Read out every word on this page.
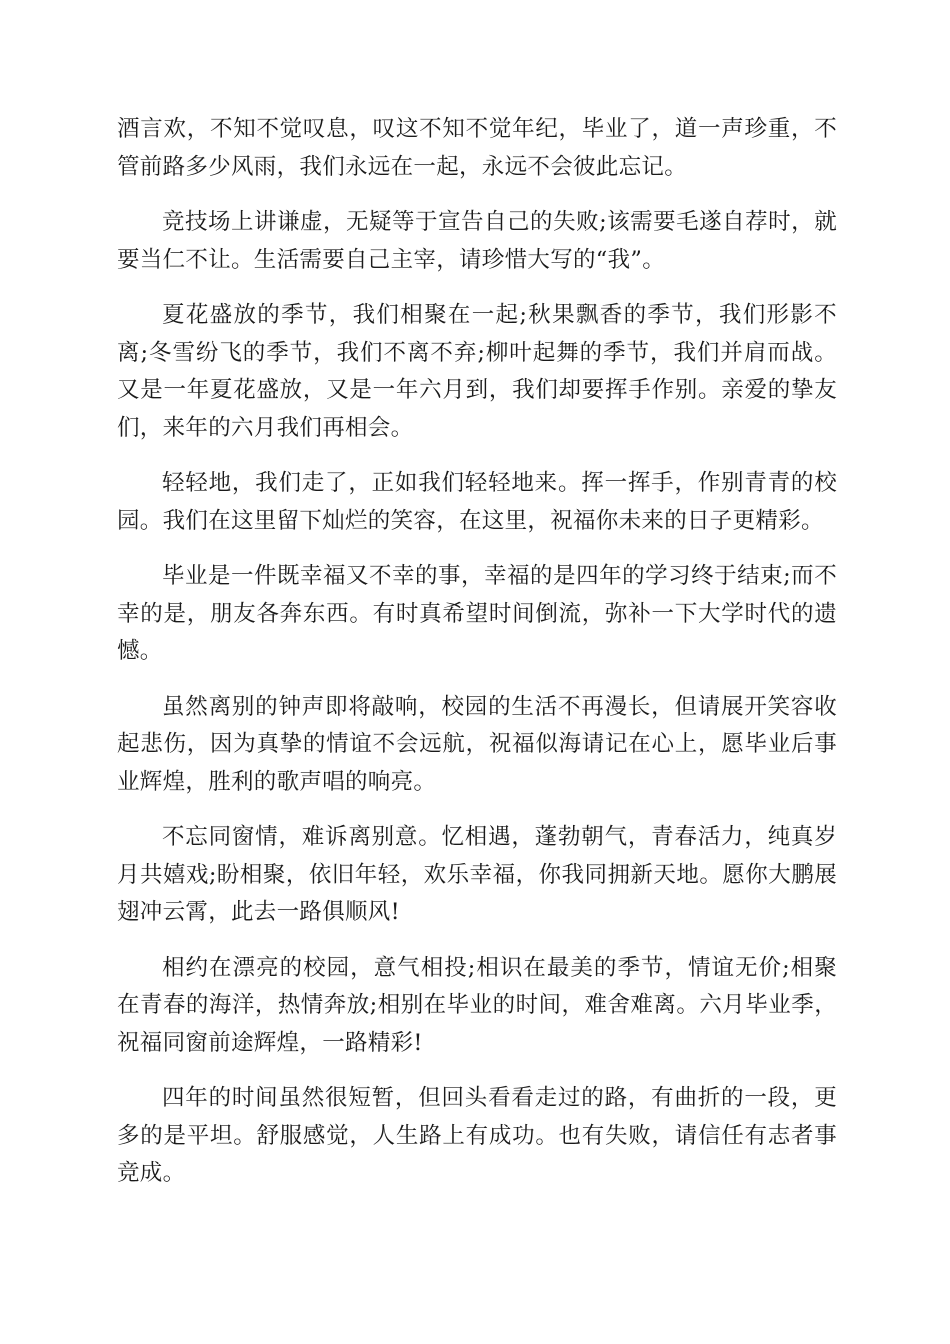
酒言欢，不知不觉叹息，叹这不知不觉年纪，毕业了，道一声珍重，不管前路多少风雨，我们永远在一起，永远不会彼此忘记。

竞技场上讲谦虚，无疑等于宣告自己的失败;该需要毛遂自荐时，就要当仁不让。生活需要自己主宰，请珍惜大写的“我”。

夏花盛放的季节，我们相聚在一起;秋果飘香的季节，我们形影不离;冬雪纷飞的季节，我们不离不弃;柳叶起舞的季节，我们并肩而战。又是一年夏花盛放，又是一年六月到，我们却要挥手作别。亲爱的挚友们，来年的六月我们再相会。

轻轻地，我们走了，正如我们轻轻地来。挥一挥手，作别青青的校园。我们在这里留下灿烂的笑容，在这里，祝福你未来的日子更精彩。

毕业是一件既幸福又不幸的事，幸福的是四年的学习终于结束;而不幸的是，朋友各奔东西。有时真希望时间倒流，弥补一下大学时代的遗憾。

虽然离别的钟声即将敲响，校园的生活不再漫长，但请展开笑容收起悲伤，因为真挚的情谊不会远航，祝福似海请记在心上，愿毕业后事业辉煌，胜利的歌声唱的响亮。

不忘同窗情，难诉离别意。忆相遇，蓬勃朝气，青春活力，纯真岁月共嬉戏;盼相聚，依旧年轻，欢乐幸福，你我同拥新天地。愿你大鹏展翅冲云霄，此去一路俱顺风!

相约在漂亮的校园，意气相投;相识在最美的季节，情谊无价;相聚在青春的海洋，热情奔放;相别在毕业的时间，难舍难离。六月毕业季，祝福同窗前途辉煌，一路精彩!

四年的时间虽然很短暂，但回头看看走过的路，有曲折的一段，更多的是平坦。舒服感觉，人生路上有成功。也有失败，请信任有志者事竞成。
